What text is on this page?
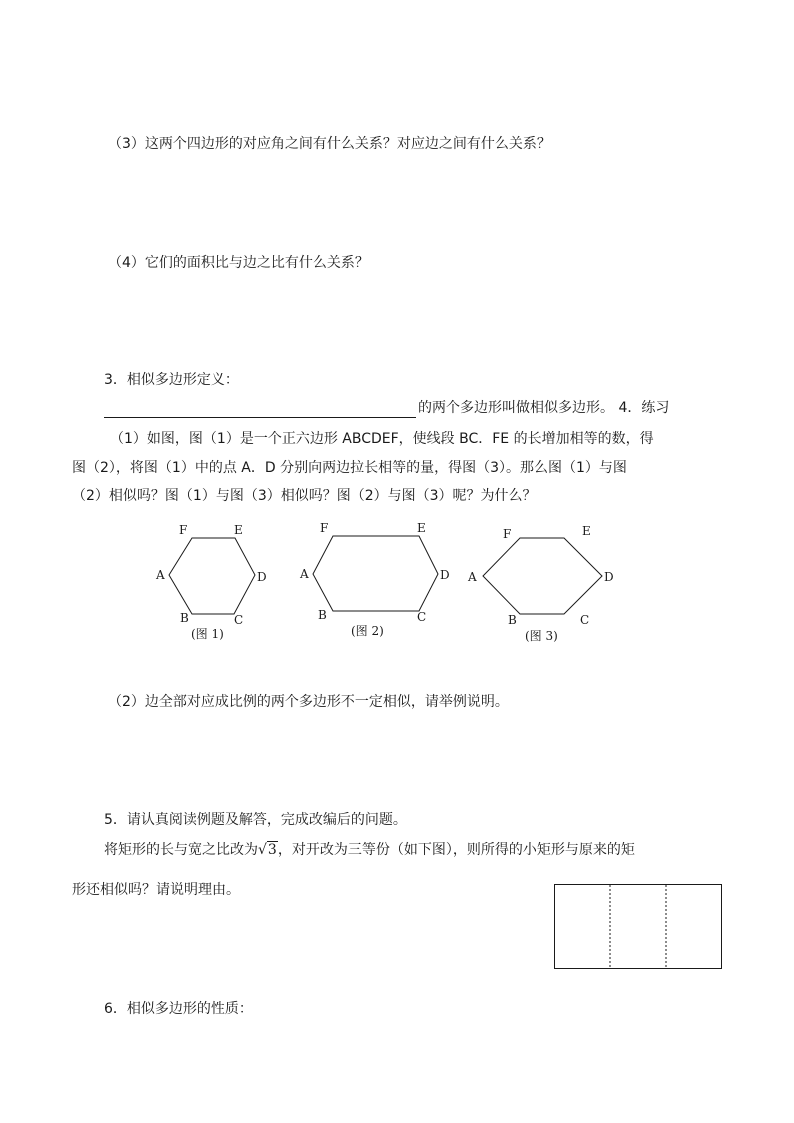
（3）这两个四边形的对应角之间有什么关系？对应边之间有什么关系？
（4）它们的面积比与边之比有什么关系？
3．相似多边形定义：
的两个多边形叫做相似多边形。 4．练习
（1）如图，图（1）是一个正六边形 ABCDEF，使线段 BC．FE 的长增加相等的数，得
图（2），将图（1）中的点 A．D 分别向两边拉长相等的量，得图（3）。那么图（1）与图
（2）相似吗？图（1）与图（3）相似吗？图（2）与图（3）呢？为什么？
A
B	C
D
E
F
(图 1)
A
B	C
D
E
F
(图 2)
A
B	C
D
E
F
(图 3)
（2）边全部对应成比例的两个多边形不一定相似，请举例说明。
5．请认真阅读例题及解答，完成改编后的问题。
将矩形的长与宽之比改为√3，对开改为三等份（如下图），则所得的小矩形与原来的矩
形还相似吗？请说明理由。
6．相似多边形的性质：
